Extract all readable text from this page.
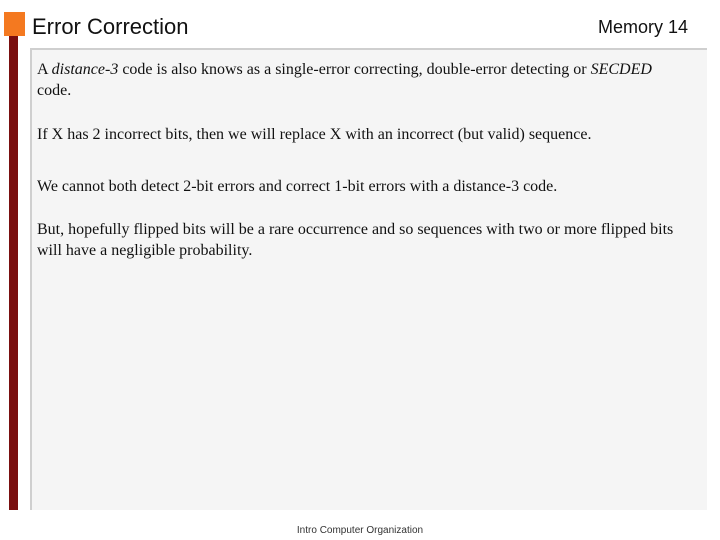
Error Correction	Memory 14

A distance-3 code is also knows as a single-error correcting, double-error detecting or SECDED code.

If X has 2 incorrect bits, then we will replace X with an incorrect (but valid) sequence.

We cannot both detect 2-bit errors and correct 1-bit errors with a distance-3 code.

But, hopefully flipped bits will be a rare occurrence and so sequences with two or more flipped bits will have a negligible probability.

Intro Computer Organization
